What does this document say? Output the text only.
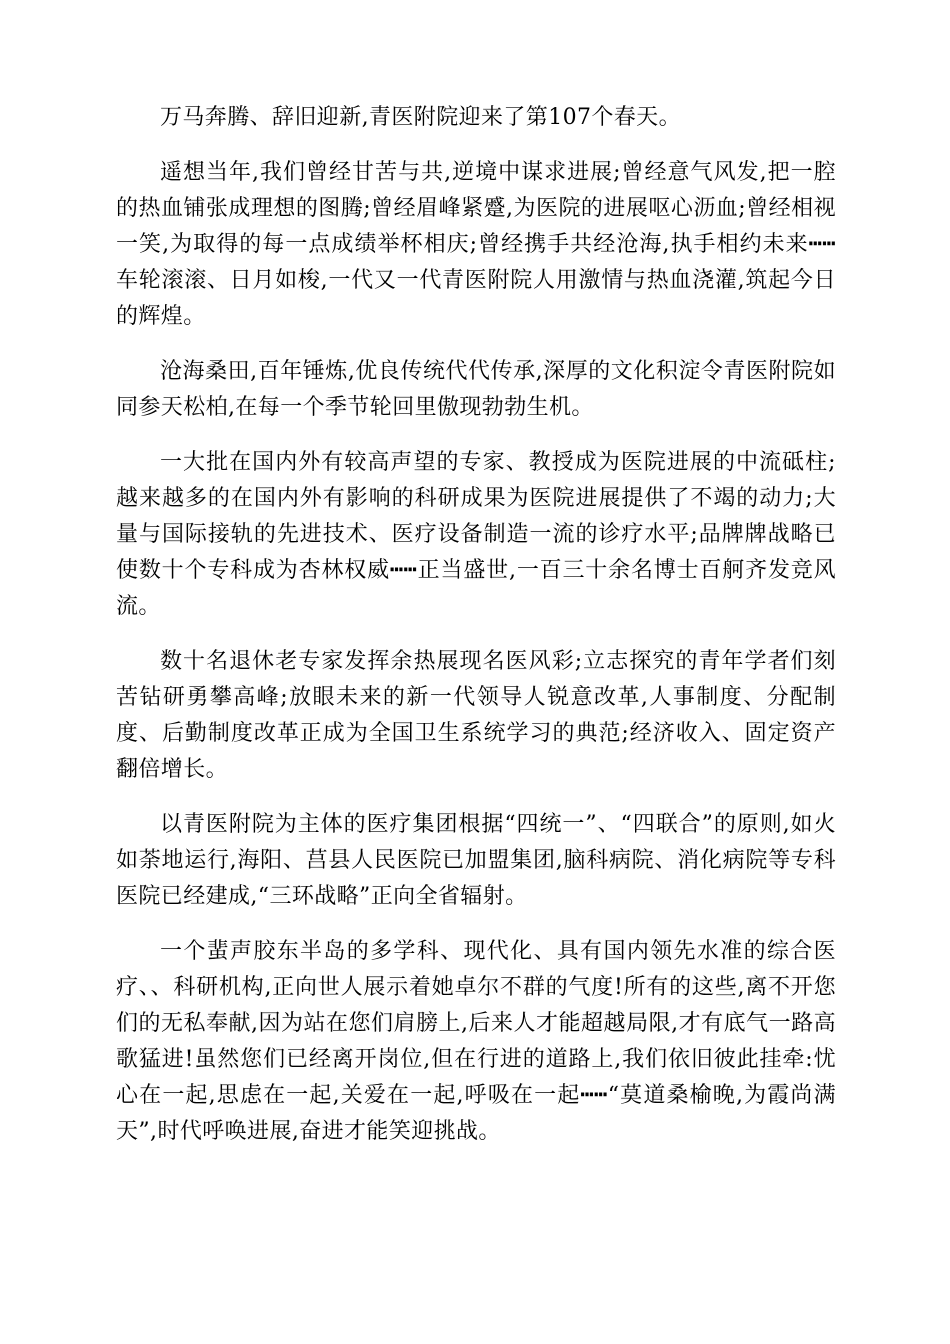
万马奔腾、辞旧迎新,青医附院迎来了第107个春天。

遥想当年,我们曾经甘苦与共,逆境中谋求进展;曾经意气风发,把一腔的热血铺张成理想的图腾;曾经眉峰紧蹙,为医院的进展呕心沥血;曾经相视一笑,为取得的每一点成绩举杯相庆;曾经携手共经沧海,执手相约未来┅┅车轮滚滚、日月如梭,一代又一代青医附院人用激情与热血浇灌,筑起今日的辉煌。

沧海桑田,百年锤炼,优良传统代代传承,深厚的文化积淀令青医附院如同参天松柏,在每一个季节轮回里傲现勃勃生机。

一大批在国内外有较高声望的专家、教授成为医院进展的中流砥柱;越来越多的在国内外有影响的科研成果为医院进展提供了不竭的动力;大量与国际接轨的先进技术、医疗设备制造一流的诊疗水平;品牌牌战略已使数十个专科成为杏林权威┅┅正当盛世,一百三十余名博士百舸齐发竞风流。

数十名退休老专家发挥余热展现名医风彩;立志探究的青年学者们刻苦钻研勇攀高峰;放眼未来的新一代领导人锐意改革,人事制度、分配制度、后勤制度改革正成为全国卫生系统学习的典范;经济收入、固定资产翻倍增长。

以青医附院为主体的医疗集团根据“四统一”、“四联合”的原则,如火如荼地运行,海阳、莒县人民医院已加盟集团,脑科病院、消化病院等专科医院已经建成,“三环战略”正向全省辐射。

一个蜚声胶东半岛的多学科、现代化、具有国内领先水准的综合医疗、、科研机构,正向世人展示着她卓尔不群的气度!所有的这些,离不开您们的无私奉献,因为站在您们肩膀上,后来人才能超越局限,才有底气一路高歌猛进!虽然您们已经离开岗位,但在行进的道路上,我们依旧彼此挂牵:忧心在一起,思虑在一起,关爱在一起,呼吸在一起┅┅“莫道桑榆晚,为霞尚满天”,时代呼唤进展,奋进才能笑迎挑战。
